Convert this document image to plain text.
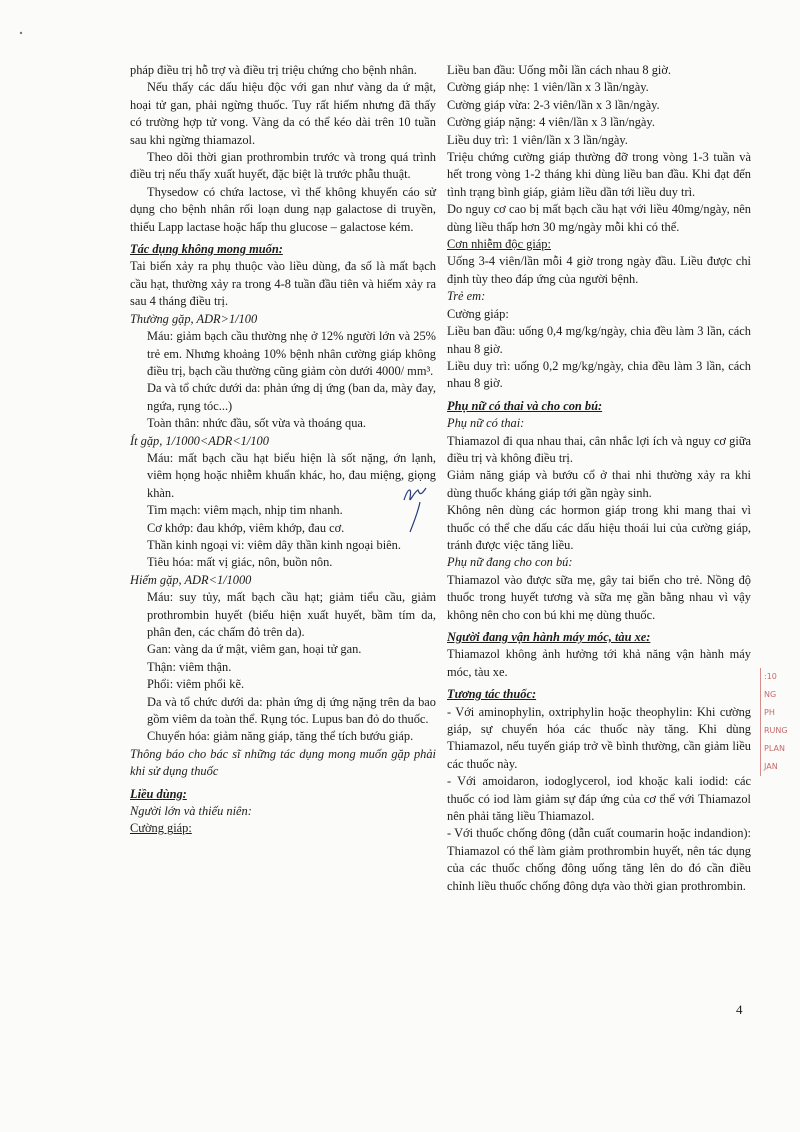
pháp điều trị hỗ trợ và điều trị triệu chứng cho bệnh nhân.

Nếu thấy các dấu hiệu độc với gan như vàng da ứ mật, hoại tử gan, phải ngừng thuốc. Tuy rất hiếm nhưng đã thấy có trường hợp tử vong. Vàng da có thể kéo dài trên 10 tuần sau khi ngừng thiamazol.

Theo dõi thời gian prothrombin trước và trong quá trình điều trị nếu thấy xuất huyết, đặc biệt là trước phẫu thuật.

Thysedow có chứa lactose, vì thế không khuyến cáo sử dụng cho bệnh nhân rối loạn dung nạp galactose di truyền, thiếu Lapp lactase hoặc hấp thu glucose – galactose kém.

Tác dụng không mong muốn:

Tai biến xảy ra phụ thuộc vào liều dùng, đa số là mất bạch cầu hạt, thường xảy ra trong 4-8 tuần đầu tiên và hiếm xảy ra sau 4 tháng điều trị.

Thường gặp, ADR>1/100

Máu: giảm bạch cầu thường nhẹ ở 12% người lớn và 25% trẻ em. Nhưng khoảng 10% bệnh nhân cường giáp không điều trị, bạch cầu thường cũng giảm còn dưới 4000/ mm³.

Da và tổ chức dưới da: phản ứng dị ứng (ban da, mày đay, ngứa, rụng tóc...)

Toàn thân: nhức đầu, sốt vừa và thoáng qua.

Ít gặp, 1/1000<ADR<1/100

Máu: mất bạch cầu hạt biểu hiện là sốt nặng, ớn lạnh, viêm họng hoặc nhiễm khuẩn khác, ho, đau miệng, giọng khàn.

Tim mạch: viêm mạch, nhịp tim nhanh.

Cơ khớp: đau khớp, viêm khớp, đau cơ.

Thần kinh ngoại vi: viêm dây thần kinh ngoại biên.

Tiêu hóa: mất vị giác, nôn, buồn nôn.

Hiếm gặp, ADR<1/1000

Máu: suy tủy, mất bạch cầu hạt; giảm tiểu cầu, giảm prothrombin huyết (biểu hiện xuất huyết, bầm tím da, phân đen, các chấm đỏ trên da).

Gan: vàng da ứ mật, viêm gan, hoại tử gan.

Thận: viêm thận.

Phổi: viêm phổi kẽ.

Da và tổ chức dưới da: phản ứng dị ứng nặng trên da bao gồm viêm da toàn thể. Rụng tóc. Lupus ban đỏ do thuốc.

Chuyển hóa: giảm năng giáp, tăng thể tích bướu giáp.

Thông báo cho bác sĩ những tác dụng mong muốn gặp phải khi sử dụng thuốc

Liều dùng:

Người lớn và thiếu niên:

Cường giáp:

Liều ban đầu: Uống mỗi lần cách nhau 8 giờ.

Cường giáp nhẹ: 1 viên/lần x 3 lần/ngày.

Cường giáp vừa: 2-3 viên/lần x 3 lần/ngày.

Cường giáp nặng: 4 viên/lần x 3 lần/ngày.

Liều duy trì: 1 viên/lần x 3 lần/ngày.

Triệu chứng cường giáp thường đỡ trong vòng 1-3 tuần và hết trong vòng 1-2 tháng khi dùng liều ban đầu. Khi đạt đến tình trạng bình giáp, giảm liều dần tới liều duy trì.

Do nguy cơ cao bị mất bạch cầu hạt với liều 40mg/ngày, nên dùng liều thấp hơn 30 mg/ngày mỗi khi có thể.

Cơn nhiễm độc giáp:

Uống 3-4 viên/lần mỗi 4 giờ trong ngày đầu. Liều được chỉ định tùy theo đáp ứng của người bệnh.

Trẻ em:

Cường giáp:

Liều ban đầu: uống 0,4 mg/kg/ngày, chia đều làm 3 lần, cách nhau 8 giờ.

Liều duy trì: uống 0,2 mg/kg/ngày, chia đều làm 3 lần, cách nhau 8 giờ.

Phụ nữ có thai và cho con bú:

Phụ nữ có thai:

Thiamazol đi qua nhau thai, cân nhắc lợi ích và nguy cơ giữa điều trị và không điều trị.

Giảm năng giáp và bướu cổ ở thai nhi thường xảy ra khi dùng thuốc kháng giáp tới gần ngày sinh.

Không nên dùng các hormon giáp trong khi mang thai vì thuốc có thể che dấu các dấu hiệu thoái lui của cường giáp, tránh được việc tăng liều.

Phụ nữ đang cho con bú:

Thiamazol vào được sữa mẹ, gây tai biến cho trẻ. Nồng độ thuốc trong huyết tương và sữa mẹ gần bằng nhau vì vậy không nên cho con bú khi mẹ dùng thuốc.

Người đang vận hành máy móc, tàu xe:

Thiamazol không ảnh hưởng tới khả năng vận hành máy móc, tàu xe.

Tương tác thuốc:

- Với aminophylin, oxtriphylin hoặc theophylin: Khi cường giáp, sự chuyển hóa các thuốc này tăng. Khi dùng Thiamazol, nếu tuyến giáp trở về bình thường, cần giảm liều các thuốc này.

- Với amoidaron, iodoglycerol, iod khoặc kali iodid: các thuốc có iod làm giảm sự đáp ứng của cơ thể với Thiamazol nên phải tăng liều Thiamazol.

- Với thuốc chống đông (dẫn cuất coumarin hoặc indandion): Thiamazol có thể làm giảm prothrombin huyết, nên tác dụng của các thuốc chống đông uống tăng lên do đó cần điều chỉnh liều thuốc chống đông dựa vào thời gian prothrombin.

:10
NG
PH
RUNG
PLAN
JAN
4
